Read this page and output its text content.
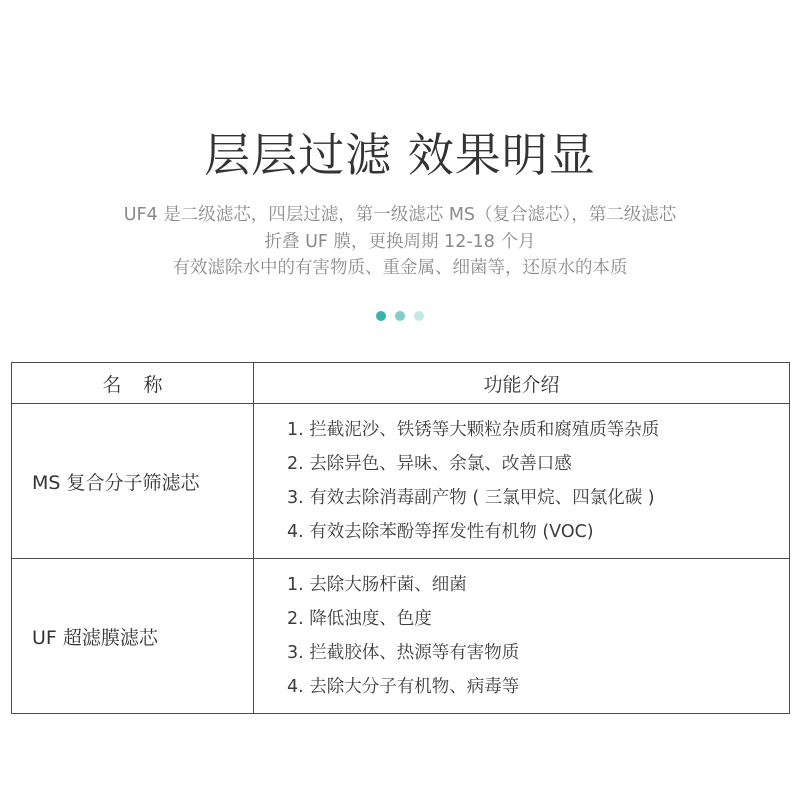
层层过滤 效果明显
UF4 是二级滤芯，四层过滤，第一级滤芯 MS（复合滤芯），第二级滤芯
折叠 UF 膜，更换周期 12-18 个月
有效滤除水中的有害物质、重金属、细菌等，还原水的本质
名称	功能介绍
MS 复合分子筛滤芯	1. 拦截泥沙、铁锈等大颗粒杂质和腐殖质等杂质
2. 去除异色、异味、余氯、改善口感
3. 有效去除消毒副产物 ( 三氯甲烷、四氯化碳 )
4. 有效去除苯酚等挥发性有机物 (VOC)

UF 超滤膜滤芯	1. 去除大肠杆菌、细菌
2. 降低浊度、色度
3. 拦截胶体、热源等有害物质
4. 去除大分子有机物、病毒等
